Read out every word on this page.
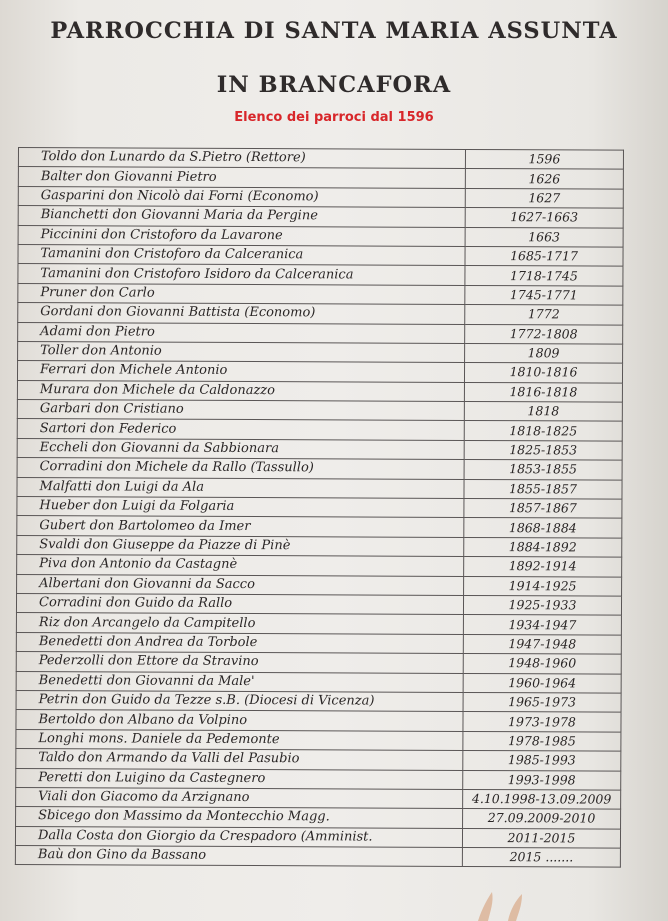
PARROCCHIA DI SANTA MARIA ASSUNTA
IN BRANCAFORA
Elenco dei parroci dal 1596
Toldo don Lunardo da S.Pietro (Rettore)	1596
Balter don Giovanni Pietro	1626
Gasparini don Nicolò dai Forni (Economo)	1627
Bianchetti don Giovanni Maria da Pergine	1627-1663
Piccinini don Cristoforo da Lavarone	1663
Tamanini don Cristoforo da Calceranica	1685-1717
Tamanini don Cristoforo Isidoro da Calceranica	1718-1745
Pruner don Carlo	1745-1771
Gordani don Giovanni Battista (Economo)	1772
Adami don Pietro	1772-1808
Toller don Antonio	1809
Ferrari don Michele Antonio	1810-1816
Murara don Michele da Caldonazzo	1816-1818
Garbari don Cristiano	1818
Sartori don Federico	1818-1825
Eccheli don Giovanni da Sabbionara	1825-1853
Corradini don Michele da Rallo (Tassullo)	1853-1855
Malfatti don Luigi da Ala	1855-1857
Hueber don Luigi da Folgaria	1857-1867
Gubert don Bartolomeo da Imer	1868-1884
Svaldi don Giuseppe da Piazze di Pinè	1884-1892
Piva don Antonio da Castagnè	1892-1914
Albertani don Giovanni da Sacco	1914-1925
Corradini don Guido da Rallo	1925-1933
Riz don Arcangelo da Campitello	1934-1947
Benedetti don Andrea da Torbole	1947-1948
Pederzolli don Ettore da Stravino	1948-1960
Benedetti don Giovanni da Male'	1960-1964
Petrin don Guido da Tezze s.B. (Diocesi di Vicenza)	1965-1973
Bertoldo don Albano da Volpino	1973-1978
Longhi mons. Daniele da Pedemonte	1978-1985
Taldo don Armando da Valli del Pasubio	1985-1993
Peretti don Luigino da Castegnero	1993-1998
Viali don Giacomo da Arzignano	4.10.1998-13.09.2009
Sbicego don Massimo da Montecchio Magg.	27.09.2009-2010
Dalla Costa don Giorgio da Crespadoro (Amminist.	2011-2015
Baù don Gino da Bassano	2015 .......
